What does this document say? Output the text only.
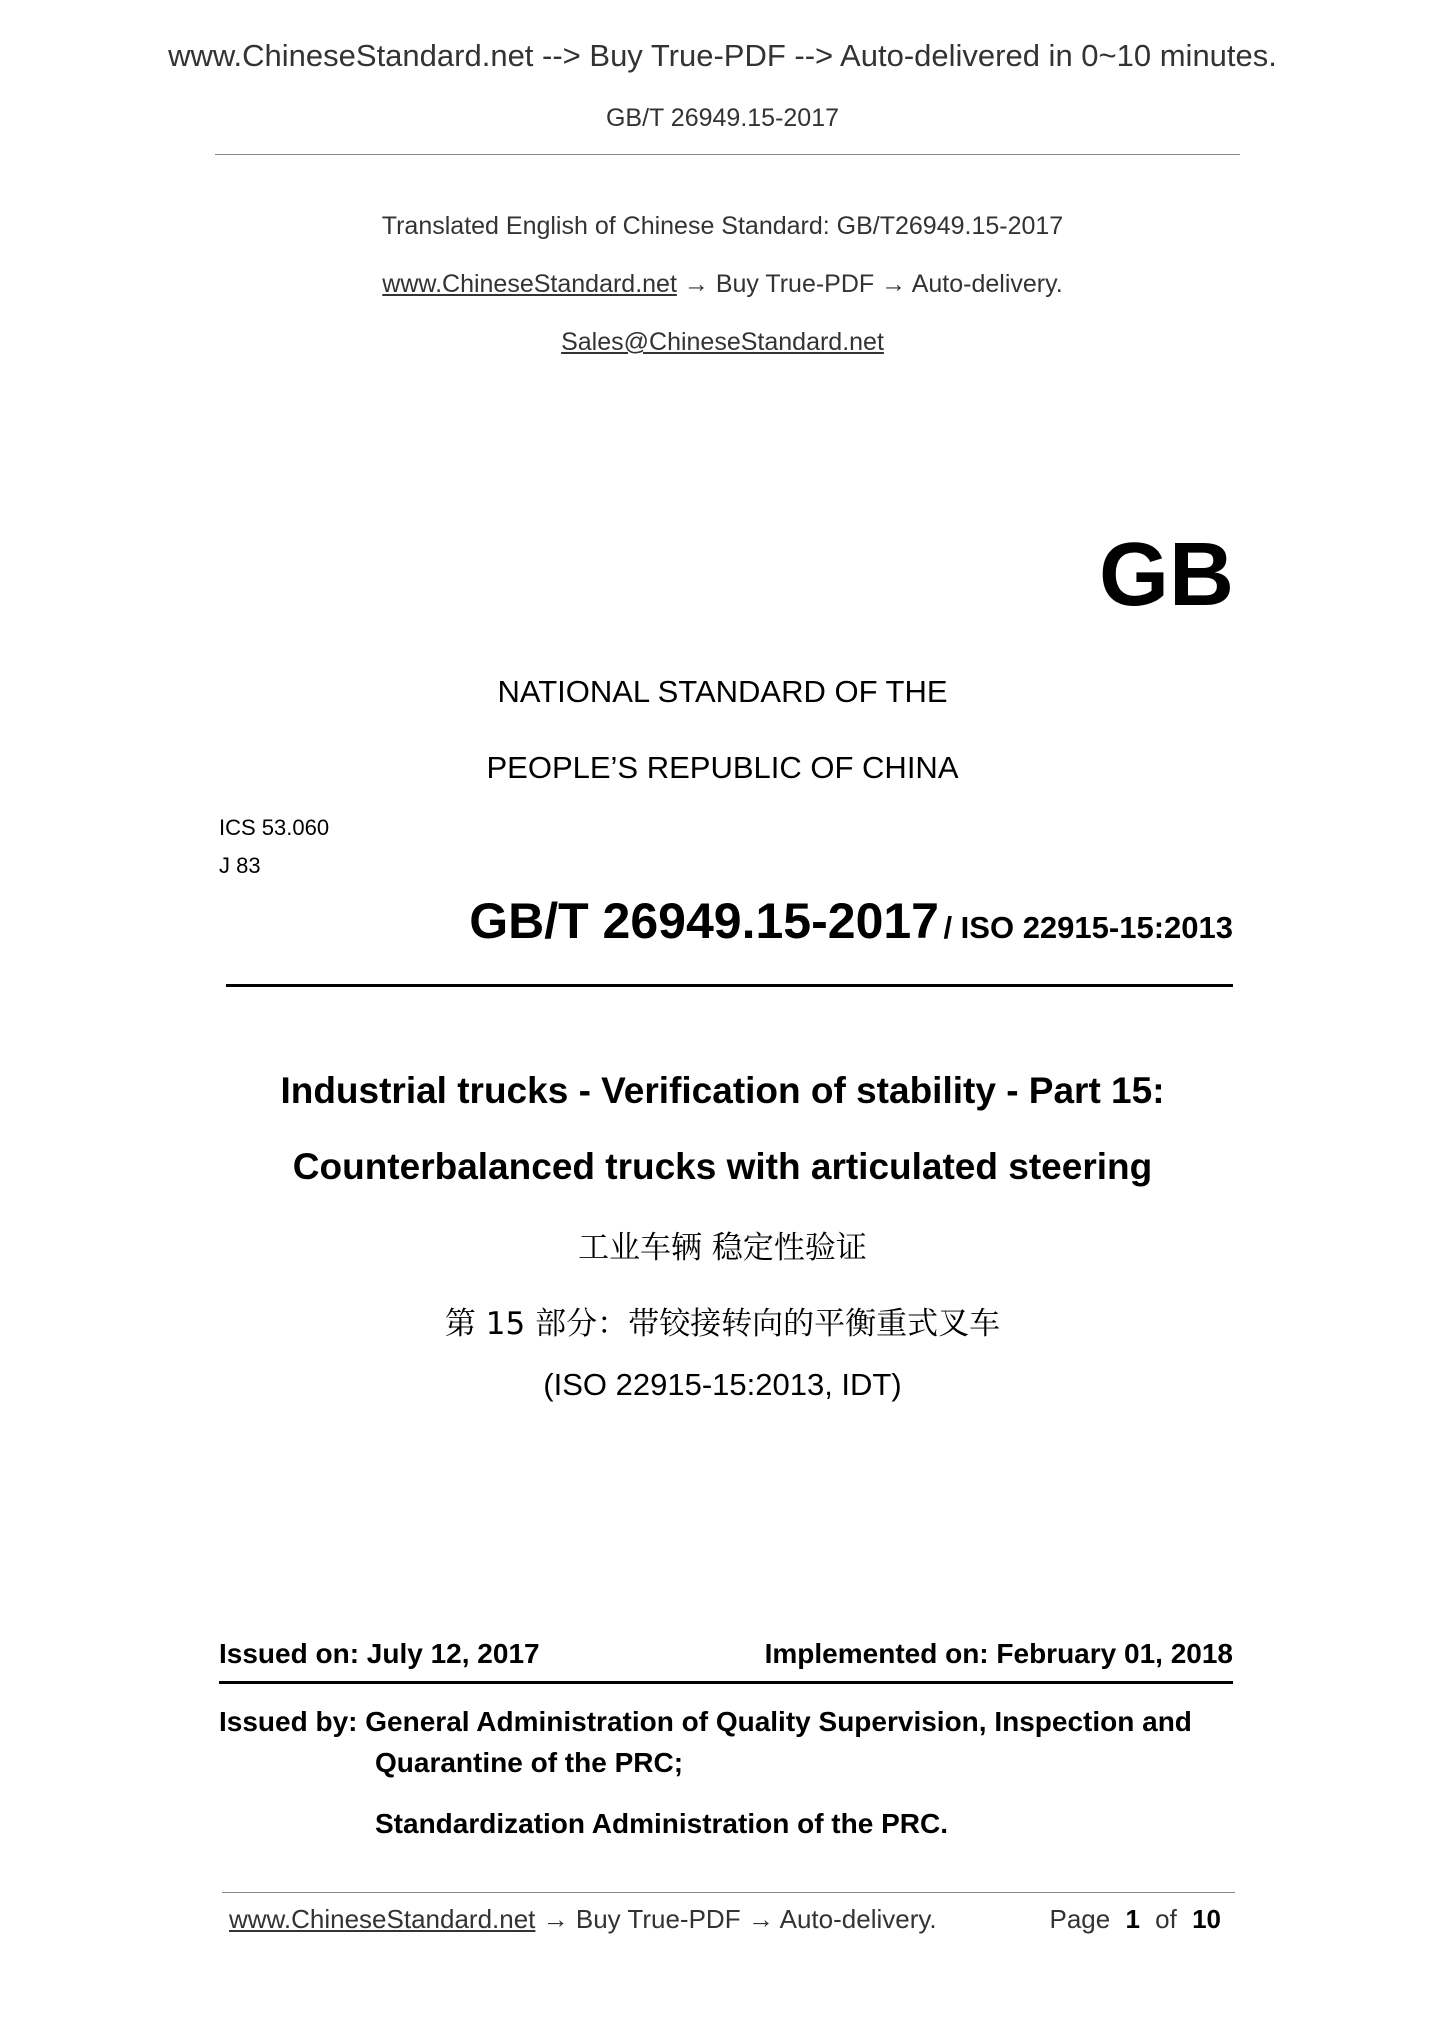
www.ChineseStandard.net --> Buy True-PDF --> Auto-delivered in 0~10 minutes.
GB/T 26949.15-2017
Translated English of Chinese Standard: GB/T26949.15-2017
www.ChineseStandard.net → Buy True-PDF → Auto-delivery.
Sales@ChineseStandard.net
GB
NATIONAL STANDARD OF THE
PEOPLE’S REPUBLIC OF CHINA
ICS 53.060
J 83
GB/T 26949.15-2017 / ISO 22915-15:2013
Industrial trucks - Verification of stability - Part 15:
Counterbalanced trucks with articulated steering
工业车辆 稳定性验证
第 15 部分：带铰接转向的平衡重式叉车
(ISO 22915-15:2013, IDT)
Issued on: July 12, 2017	Implemented on: February 01, 2018
Issued by: General Administration of Quality Supervision, Inspection and
Quarantine of the PRC;
Standardization Administration of the PRC.
www.ChineseStandard.net → Buy True-PDF → Auto-delivery.	Page 1 of 10
